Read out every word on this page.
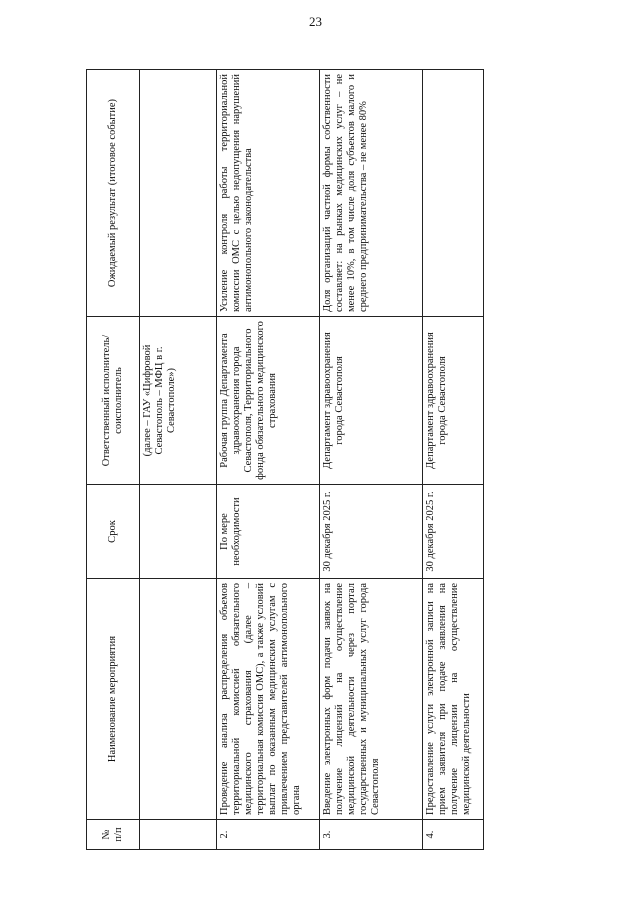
23
№ п/п	Наименование мероприятия	Срок	Ответственный исполнитель/ соисполнитель	Ожидаемый результат (итоговое событие)
			(далее – ГАУ «Цифровой Севастополь – МФЦ в г. Севастополе»)	
2.	Проведение анализа распределения объемов территориальной комиссией обязательного медицинского страхования (далее – территориальная комиссия ОМС), а также условий выплат по оказанным медицинским услугам с привлечением представителей антимонопольного органа	По мере необходимости	Рабочая группа Департамента здравоохранения города Севастополя, Территориального фонда обязательного медицинского страхования	Усиление контроля работы территориальной комиссии ОМС с целью недопущения нарушений антимонопольного законодательства
3.	Введение электронных форм подачи заявок на получение лицензий на осуществление медицинской деятельности через портал государственных и муниципальных услуг города Севастополя	30 декабря 2025 г.	Департамент здравоохранения города Севастополя	Доля организаций частной формы собственности составляет: на рынках медицинских услуг – не менее 10%, в том числе доля субъектов малого и среднего предпринимательства – не менее 80%
4.	Предоставление услуги электронной записи на прием заявителя при подаче заявления на получение лицензии на осуществление медицинской деятельности	30 декабря 2025 г.	Департамент здравоохранения города Севастополя	
